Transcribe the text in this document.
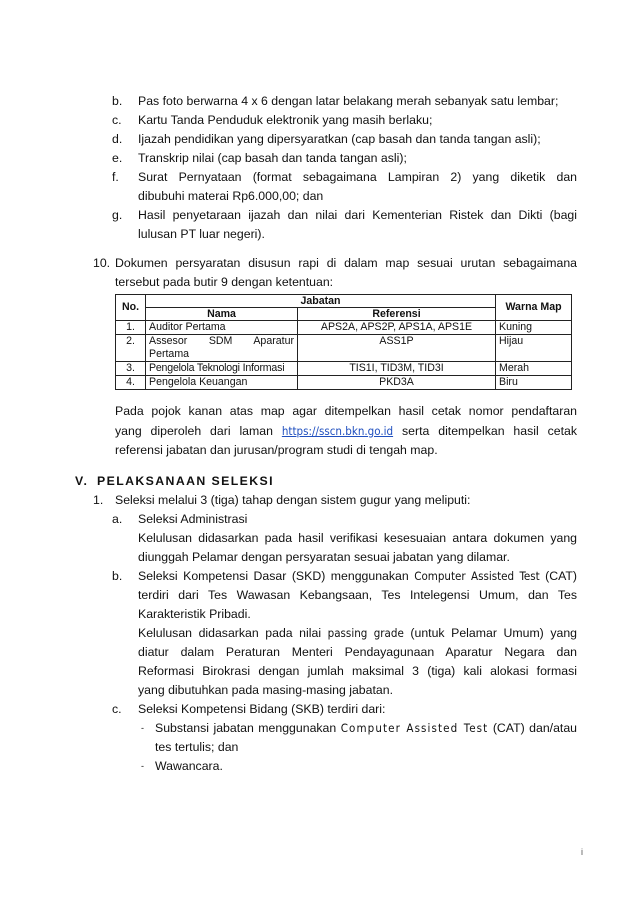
b. Pas foto berwarna 4 x 6 dengan latar belakang merah sebanyak satu lembar;
c. Kartu Tanda Penduduk elektronik yang masih berlaku;
d. Ijazah pendidikan yang dipersyaratkan (cap basah dan tanda tangan asli);
e. Transkrip nilai (cap basah dan tanda tangan asli);
f. Surat Pernyataan (format sebagaimana Lampiran 2) yang diketik dan
dibubuhi materai Rp6.000,00; dan
g. Hasil penyetaraan ijazah dan nilai dari Kementerian Ristek dan Dikti (bagi
lulusan PT luar negeri).
10. Dokumen persyaratan disusun rapi di dalam map sesuai urutan sebagaimana
tersebut pada butir 9 dengan ketentuan:
No.	Jabatan		Warna Map
	Nama	Referensi	
1.	Auditor Pertama	APS2A, APS2P, APS1A, APS1E	Kuning
2.	Assesor SDM Aparatur
Pertama	ASS1P	Hijau
3.	Pengelola Teknologi Informasi	TIS1I, TID3M, TID3I	Merah
4.	Pengelola Keuangan	PKD3A	Biru
Pada pojok kanan atas map agar ditempelkan hasil cetak nomor pendaftaran
yang diperoleh dari laman https://sscn.bkn.go.id serta ditempelkan hasil cetak
referensi jabatan dan jurusan/program studi di tengah map.
V. PELAKSANAAN SELEKSI
1. Seleksi melalui 3 (tiga) tahap dengan sistem gugur yang meliputi:
a. Seleksi Administrasi
Kelulusan didasarkan pada hasil verifikasi kesesuaian antara dokumen yang
diunggah Pelamar dengan persyaratan sesuai jabatan yang dilamar.
b. Seleksi Kompetensi Dasar (SKD) menggunakan Computer Assisted Test (CAT)
terdiri dari Tes Wawasan Kebangsaan, Tes Intelegensi Umum, dan Tes
Karakteristik Pribadi.
Kelulusan didasarkan pada nilai passing grade (untuk Pelamar Umum) yang
diatur dalam Peraturan Menteri Pendayagunaan Aparatur Negara dan
Reformasi Birokrasi dengan jumlah maksimal 3 (tiga) kali alokasi formasi
yang dibutuhkan pada masing-masing jabatan.
c. Seleksi Kompetensi Bidang (SKB) terdiri dari:
- Substansi jabatan menggunakan Computer Assisted Test (CAT) dan/atau
tes tertulis; dan
- Wawancara.
i
